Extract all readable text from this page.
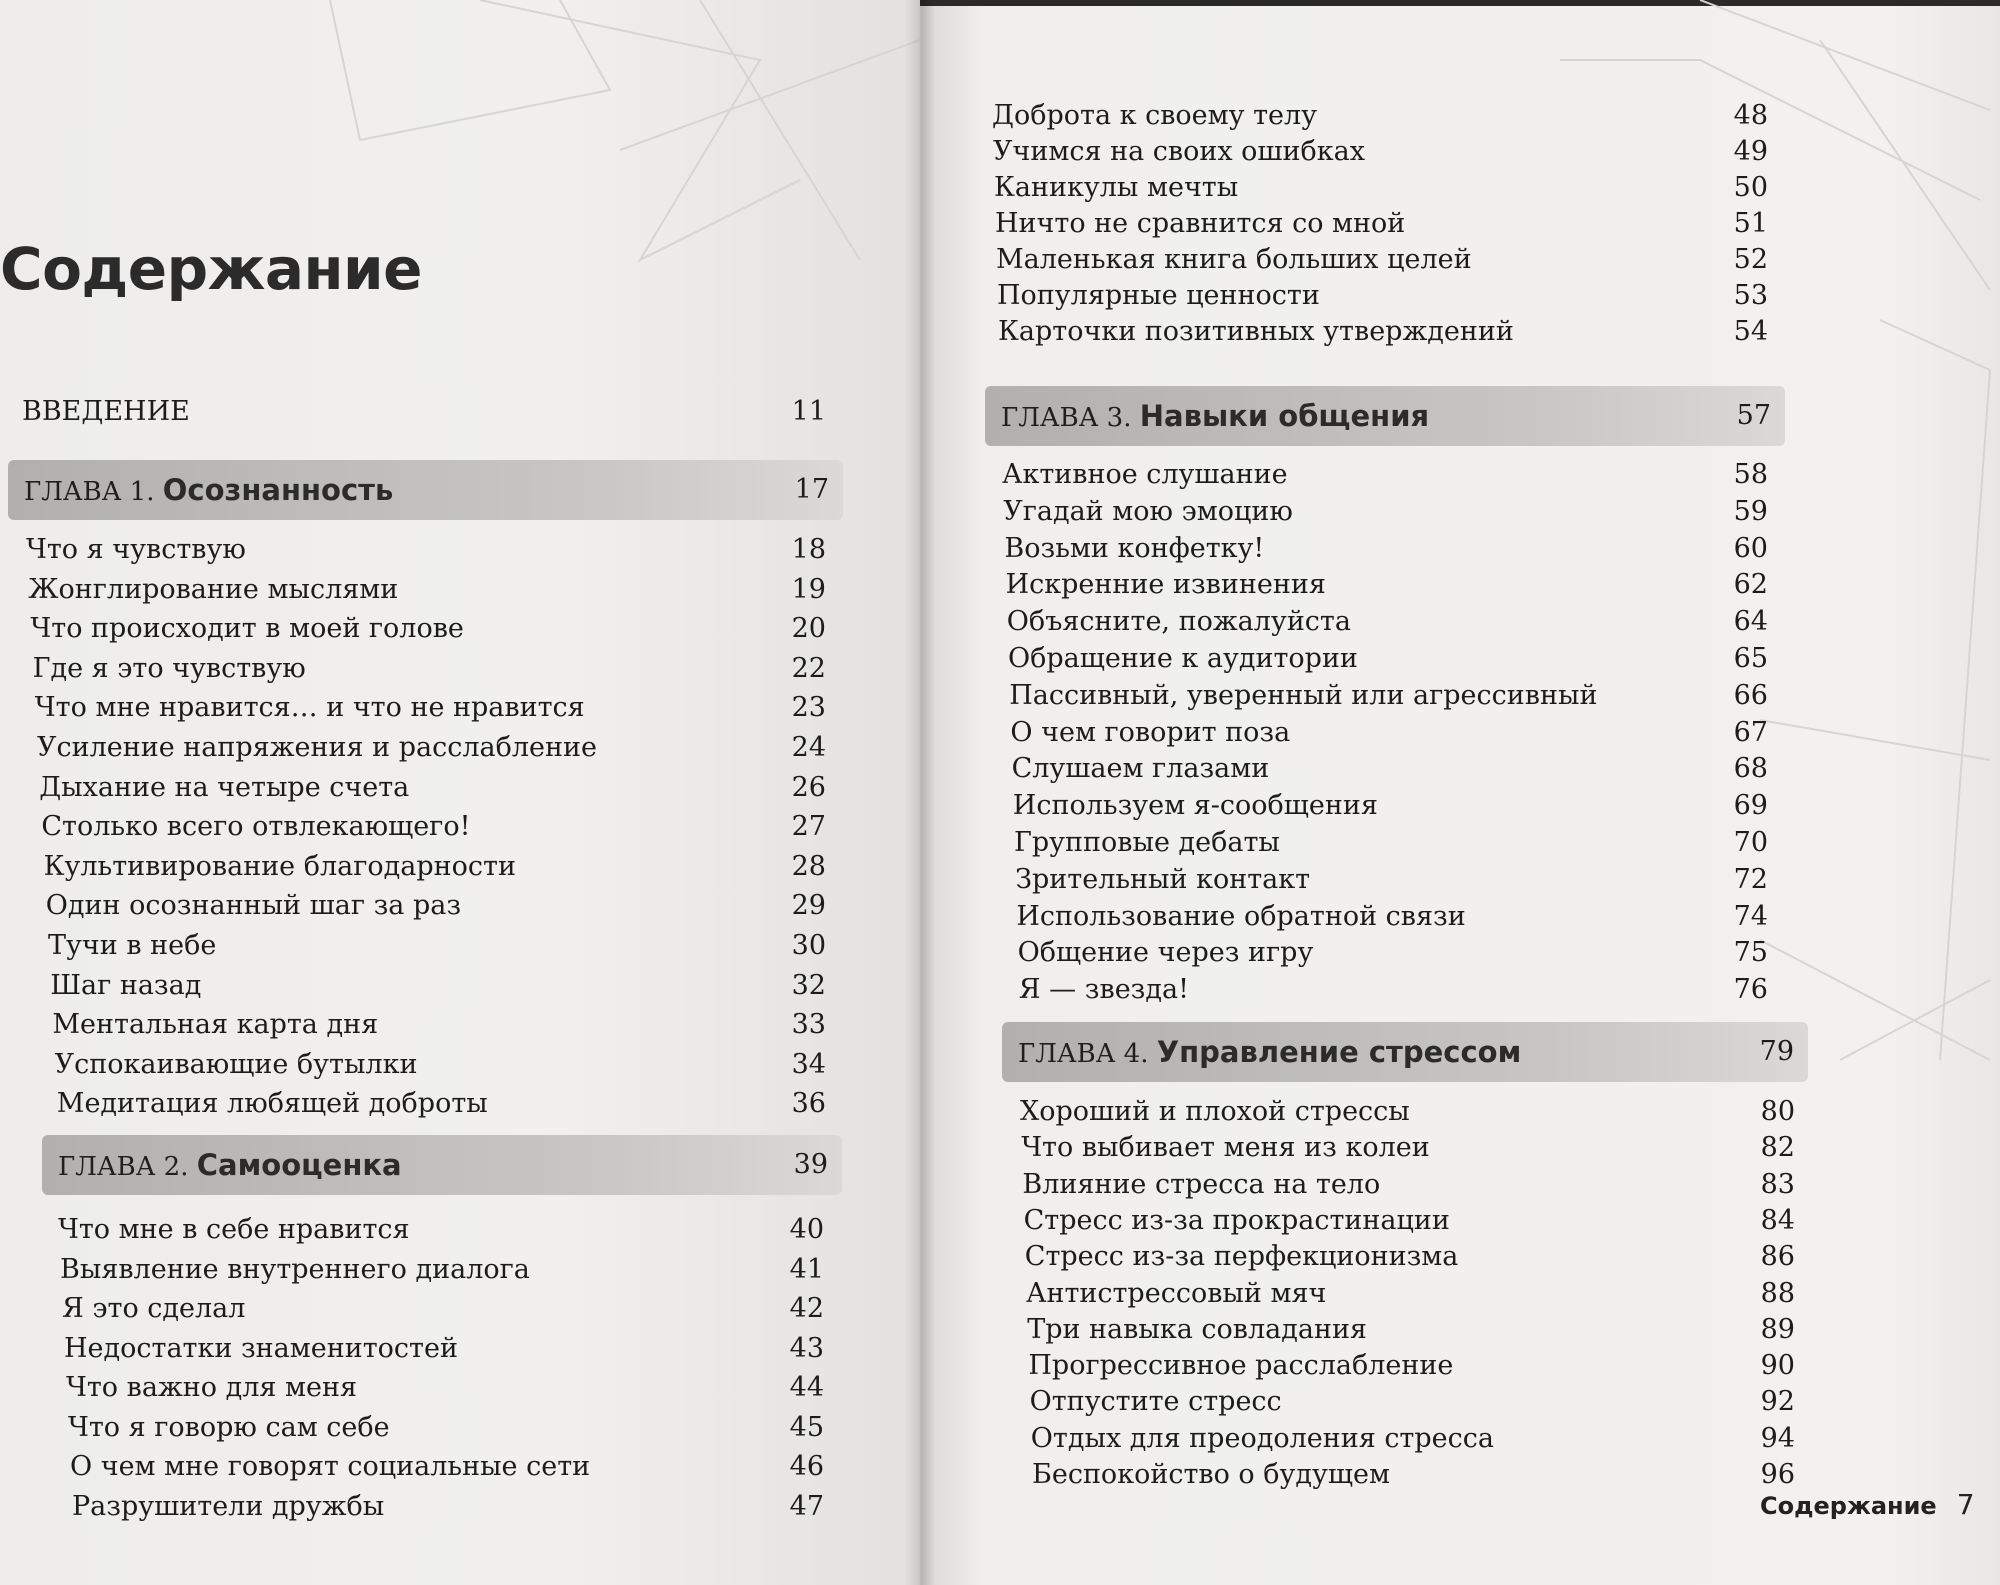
Содержание
ВВЕДЕНИЕ	11
ГЛАВА 1. Осознанность	17
Что я чувствую	18
Жонглирование мыслями	19
Что происходит в моей голове	20
Где я это чувствую	22
Что мне нравится… и что не нравится	23
Усиление напряжения и расслабление	24
Дыхание на четыре счета	26
Столько всего отвлекающего!	27
Культивирование благодарности	28
Один осознанный шаг за раз	29
Тучи в небе	30
Шаг назад	32
Ментальная карта дня	33
Успокаивающие бутылки	34
Медитация любящей доброты	36
ГЛАВА 2. Самооценка	39
Что мне в себе нравится	40
Выявление внутреннего диалога	41
Я это сделал	42
Недостатки знаменитостей	43
Что важно для меня	44
Что я говорю сам себе	45
О чем мне говорят социальные сети	46
Разрушители дружбы	47
Доброта к своему телу	48
Учимся на своих ошибках	49
Каникулы мечты	50
Ничто не сравнится со мной	51
Маленькая книга больших целей	52
Популярные ценности	53
Карточки позитивных утверждений	54
ГЛАВА 3. Навыки общения	57
Активное слушание	58
Угадай мою эмоцию	59
Возьми конфетку!	60
Искренние извинения	62
Объясните, пожалуйста	64
Обращение к аудитории	65
Пассивный, уверенный или агрессивный	66
О чем говорит поза	67
Слушаем глазами	68
Используем я-сообщения	69
Групповые дебаты	70
Зрительный контакт	72
Использование обратной связи	74
Общение через игру	75
Я — звезда!	76
ГЛАВА 4. Управление стрессом	79
Хороший и плохой стрессы	80
Что выбивает меня из колеи	82
Влияние стресса на тело	83
Стресс из-за прокрастинации	84
Стресс из-за перфекционизма	86
Антистрессовый мяч	88
Три навыка совладания	89
Прогрессивное расслабление	90
Отпустите стресс	92
Отдых для преодоления стресса	94
Беспокойство о будущем	96
Содержание 7
